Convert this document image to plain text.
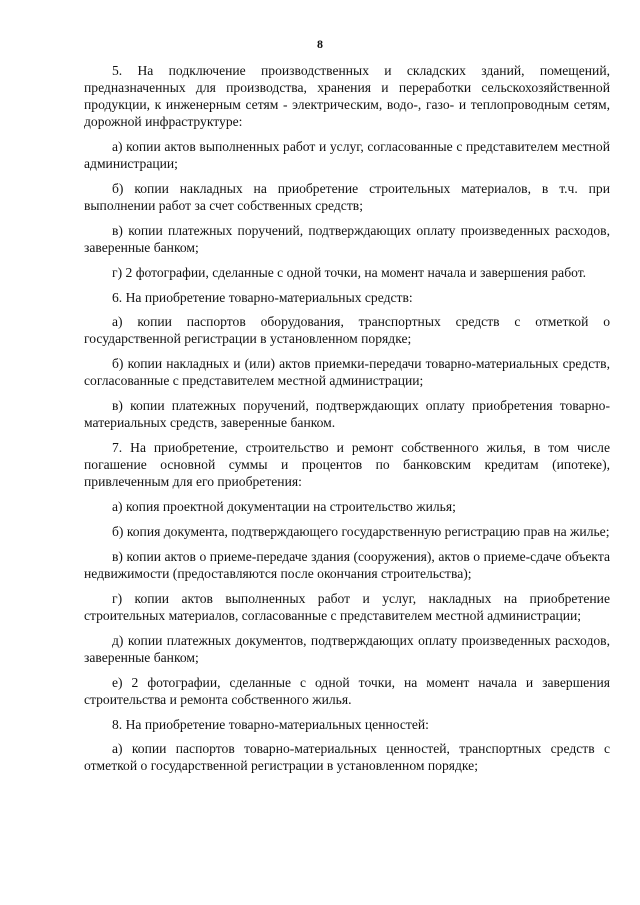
8

5. На подключение производственных и складских зданий, помещений, предназначенных для производства, хранения и переработки сельскохозяйственной продукции, к инженерным сетям - электрическим, водо-, газо- и теплопроводным сетям, дорожной инфраструктуре:

а) копии актов выполненных работ и услуг, согласованные с представителем местной администрации;

б) копии накладных на приобретение строительных материалов, в т.ч. при выполнении работ за счет собственных средств;

в) копии платежных поручений, подтверждающих оплату произведенных расходов, заверенные банком;

г) 2 фотографии, сделанные с одной точки, на момент начала и завершения работ.

6. На приобретение товарно-материальных средств:

а) копии паспортов оборудования, транспортных средств с отметкой о государственной регистрации в установленном порядке;

б) копии накладных и (или) актов приемки-передачи товарно-материальных средств, согласованные с представителем местной администрации;

в) копии платежных поручений, подтверждающих оплату приобретения товарно-материальных средств, заверенные банком.

7. На приобретение, строительство и ремонт собственного жилья, в том числе погашение основной суммы и процентов по банковским кредитам (ипотеке), привлеченным для его приобретения:

а) копия проектной документации на строительство жилья;

б) копия документа, подтверждающего государственную регистрацию прав на жилье;

в) копии актов о приеме-передаче здания (сооружения), актов о приеме-сдаче объекта недвижимости (предоставляются после окончания строительства);

г) копии актов выполненных работ и услуг, накладных на приобретение строительных материалов, согласованные с представителем местной администрации;

д) копии платежных документов, подтверждающих оплату произведенных расходов, заверенные банком;

е) 2 фотографии, сделанные с одной точки, на момент начала и завершения строительства и ремонта собственного жилья.

8. На приобретение товарно-материальных ценностей:

а) копии паспортов товарно-материальных ценностей, транспортных средств с отметкой о государственной регистрации в установленном порядке;
